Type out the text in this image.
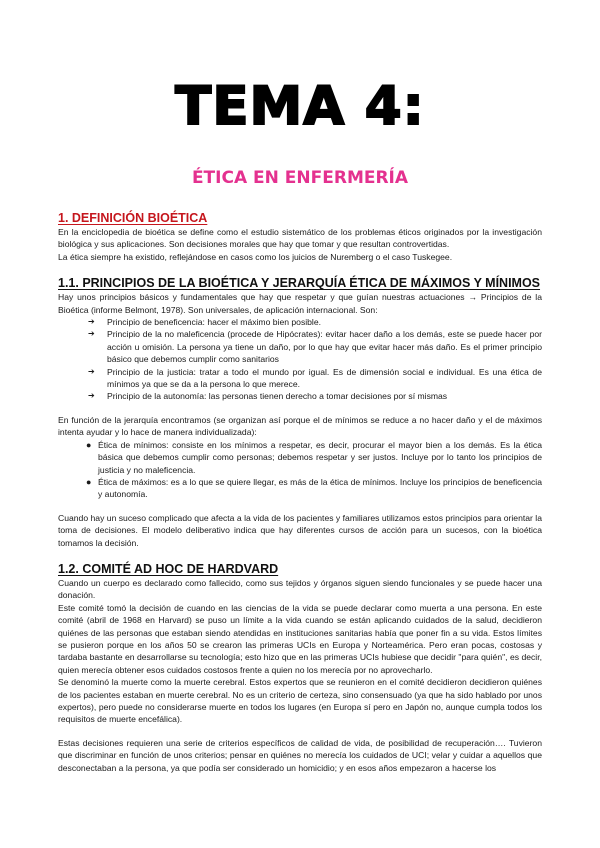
TEMA 4:
ÉTICA EN ENFERMERÍA
1. DEFINICIÓN BIOÉTICA

En la enciclopedia de bioética se define como el estudio sistemático de los problemas éticos originados por la investigación biológica y sus aplicaciones. Son decisiones morales que hay que tomar y que resultan controvertidas.

La ética siempre ha existido, reflejándose en casos como los juicios de Nuremberg o el caso Tuskegee.

1.1. PRINCIPIOS DE LA BIOÉTICA Y JERARQUÍA ÉTICA DE MÁXIMOS Y MÍNIMOS

Hay unos principios básicos y fundamentales que hay que respetar y que guían nuestras actuaciones → Principios de la Bioética (informe Belmont, 1978). Son universales, de aplicación internacional. Son:

➔ Principio de beneficencia: hacer el máximo bien posible.
➔ Principio de la no maleficencia (procede de Hipócrates): evitar hacer daño a los demás, este se puede hacer por acción u omisión. La persona ya tiene un daño, por lo que hay que evitar hacer más daño. Es el primer principio básico que debemos cumplir como sanitarios
➔ Principio de la justicia: tratar a todo el mundo por igual. Es de dimensión social e individual. Es una ética de mínimos ya que se da a la persona lo que merece.
➔ Principio de la autonomía: las personas tienen derecho a tomar decisiones por sí mismas

En función de la jerarquía encontramos (se organizan así porque el de mínimos se reduce a no hacer daño y el de máximos intenta ayudar y lo hace de manera individualizada):

● Ética de mínimos: consiste en los mínimos a respetar, es decir, procurar el mayor bien a los demás. Es la ética básica que debemos cumplir como personas; debemos respetar y ser justos. Incluye por lo tanto los principios de justicia y no maleficencia.
● Ética de máximos: es a lo que se quiere llegar, es más de la ética de mínimos. Incluye los principios de beneficencia y autonomía.

Cuando hay un suceso complicado que afecta a la vida de los pacientes y familiares utilizamos estos principios para orientar la toma de decisiones. El modelo deliberativo indica que hay diferentes cursos de acción para un sucesos, con la bioética tomamos la decisión.

1.2. COMITÉ AD HOC DE HARDVARD

Cuando un cuerpo es declarado como fallecido, como sus tejidos y órganos siguen siendo funcionales y se puede hacer una donación.

Este comité tomó la decisión de cuando en las ciencias de la vida se puede declarar como muerta a una persona. En este comité (abril de 1968 en Harvard) se puso un límite a la vida cuando se están aplicando cuidados de la salud, decidieron quiénes de las personas que estaban siendo atendidas en instituciones sanitarias había que poner fin a su vida. Estos límites se pusieron porque en los años 50 se crearon las primeras UCIs en Europa y Norteamérica. Pero eran pocas, costosas y tardaba bastante en desarrollarse su tecnología; esto hizo que en las primeras UCIs hubiese que decidir "para quién", es decir, quien merecía obtener esos cuidados costosos frente a quien no los merecía por no aprovecharlo.

Se denominó la muerte como la muerte cerebral. Estos expertos que se reunieron en el comité decidieron decidieron quiénes de los pacientes estaban en muerte cerebral. No es un criterio de certeza, sino consensuado (ya que ha sido hablado por unos expertos), pero puede no considerarse muerte en todos los lugares (en Europa sí pero en Japón no, aunque cumpla todos los requisitos de muerte encefálica).

Estas decisiones requieren una serie de criterios específicos de calidad de vida, de posibilidad de recuperación…. Tuvieron que discriminar en función de unos criterios; pensar en quiénes no merecía los cuidados de UCI; velar y cuidar a aquellos que desconectaban a la persona, ya que podía ser considerado un homicidio; y en esos años empezaron a hacerse los
